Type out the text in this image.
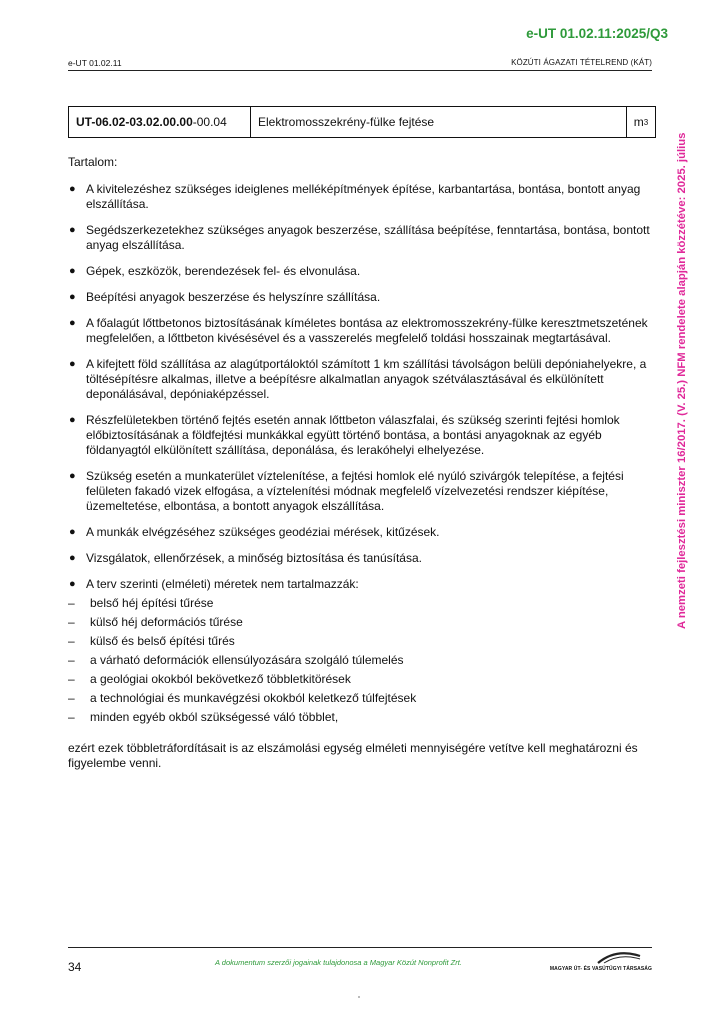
e-UT 01.02.11:2025/Q3
e-UT 01.02.11	KÖZÚTI ÁGAZATI TÉTELREND (KÁT)
UT-06.02-03.02.00.00 -00.04	Elektromosszekrény-fülke fejtése	m 3

Tartalom:

● A kivitelezéshez szükséges ideiglenes melléképítmények építése, karbantartása, bontása, bontott anyag elszállítása.
● Segédszerkezetekhez szükséges anyagok beszerzése, szállítása beépítése, fenntartása, bontása, bontott anyag elszállítása.
● Gépek, eszközök, berendezések fel- és elvonulása.
● Beépítési anyagok beszerzése és helyszínre szállítása.
● A főalagút lőttbetonos biztosításának kíméletes bontása az elektromosszekrény-fülke keresztmetszetének megfelelően, a lőttbeton kivésésével és a vasszerelés megfelelő toldási hosszainak megtartásával.
● A kifejtett föld szállítása az alagútportáloktól számított 1 km szállítási távolságon belüli depóniahelyekre, a töltésépítésre alkalmas, illetve a beépítésre alkalmatlan anyagok szétválasztásával és elkülönített deponálásával, depóniaképzéssel.
● Részfelületekben történő fejtés esetén annak lőttbeton válaszfalai, és szükség szerinti fejtési homlok előbiztosításának a földfejtési munkákkal együtt történő bontása, a bontási anyagoknak az egyéb földanyagtól elkülönített szállítása, deponálása, és lerakóhelyi elhelyezése.
● Szükség esetén a munkaterület víztelenítése, a fejtési homlok elé nyúló szivárgók telepítése, a fejtési felületen fakadó vizek elfogása, a víztelenítési módnak megfelelő vízelvezetési rendszer kiépítése, üzemeltetése, elbontása, a bontott anyagok elszállítása.
● A munkák elvégzéséhez szükséges geodéziai mérések, kitűzések.
● Vizsgálatok, ellenőrzések, a minőség biztosítása és tanúsítása.
● A terv szerinti (elméleti) méretek nem tartalmazzák:
– belső héj építési tűrése
– külső héj deformációs tűrése
– külső és belső építési tűrés
– a várható deformációk ellensúlyozására szolgáló túlemelés
– a geológiai okokból bekövetkező többletkitörések
– a technológiai és munkavégzési okokból keletkező túlfejtések
– minden egyéb okból szükségessé váló többlet,

ezért ezek többletráfordításait is az elszámolási egység elméleti mennyiségére vetítve kell meghatározni és figyelembe venni.

A nemzeti fejlesztési miniszter 16/2017. (V. 25.) NFM rendelete alapján közzétéve: 2025. július
34	A dokumentum szerzői jogainak tulajdonosa a Magyar Közút Nonprofit Zrt.
MAGYAR ÚT- ÉS VASÚTÜGYI TÁRSASÁG
